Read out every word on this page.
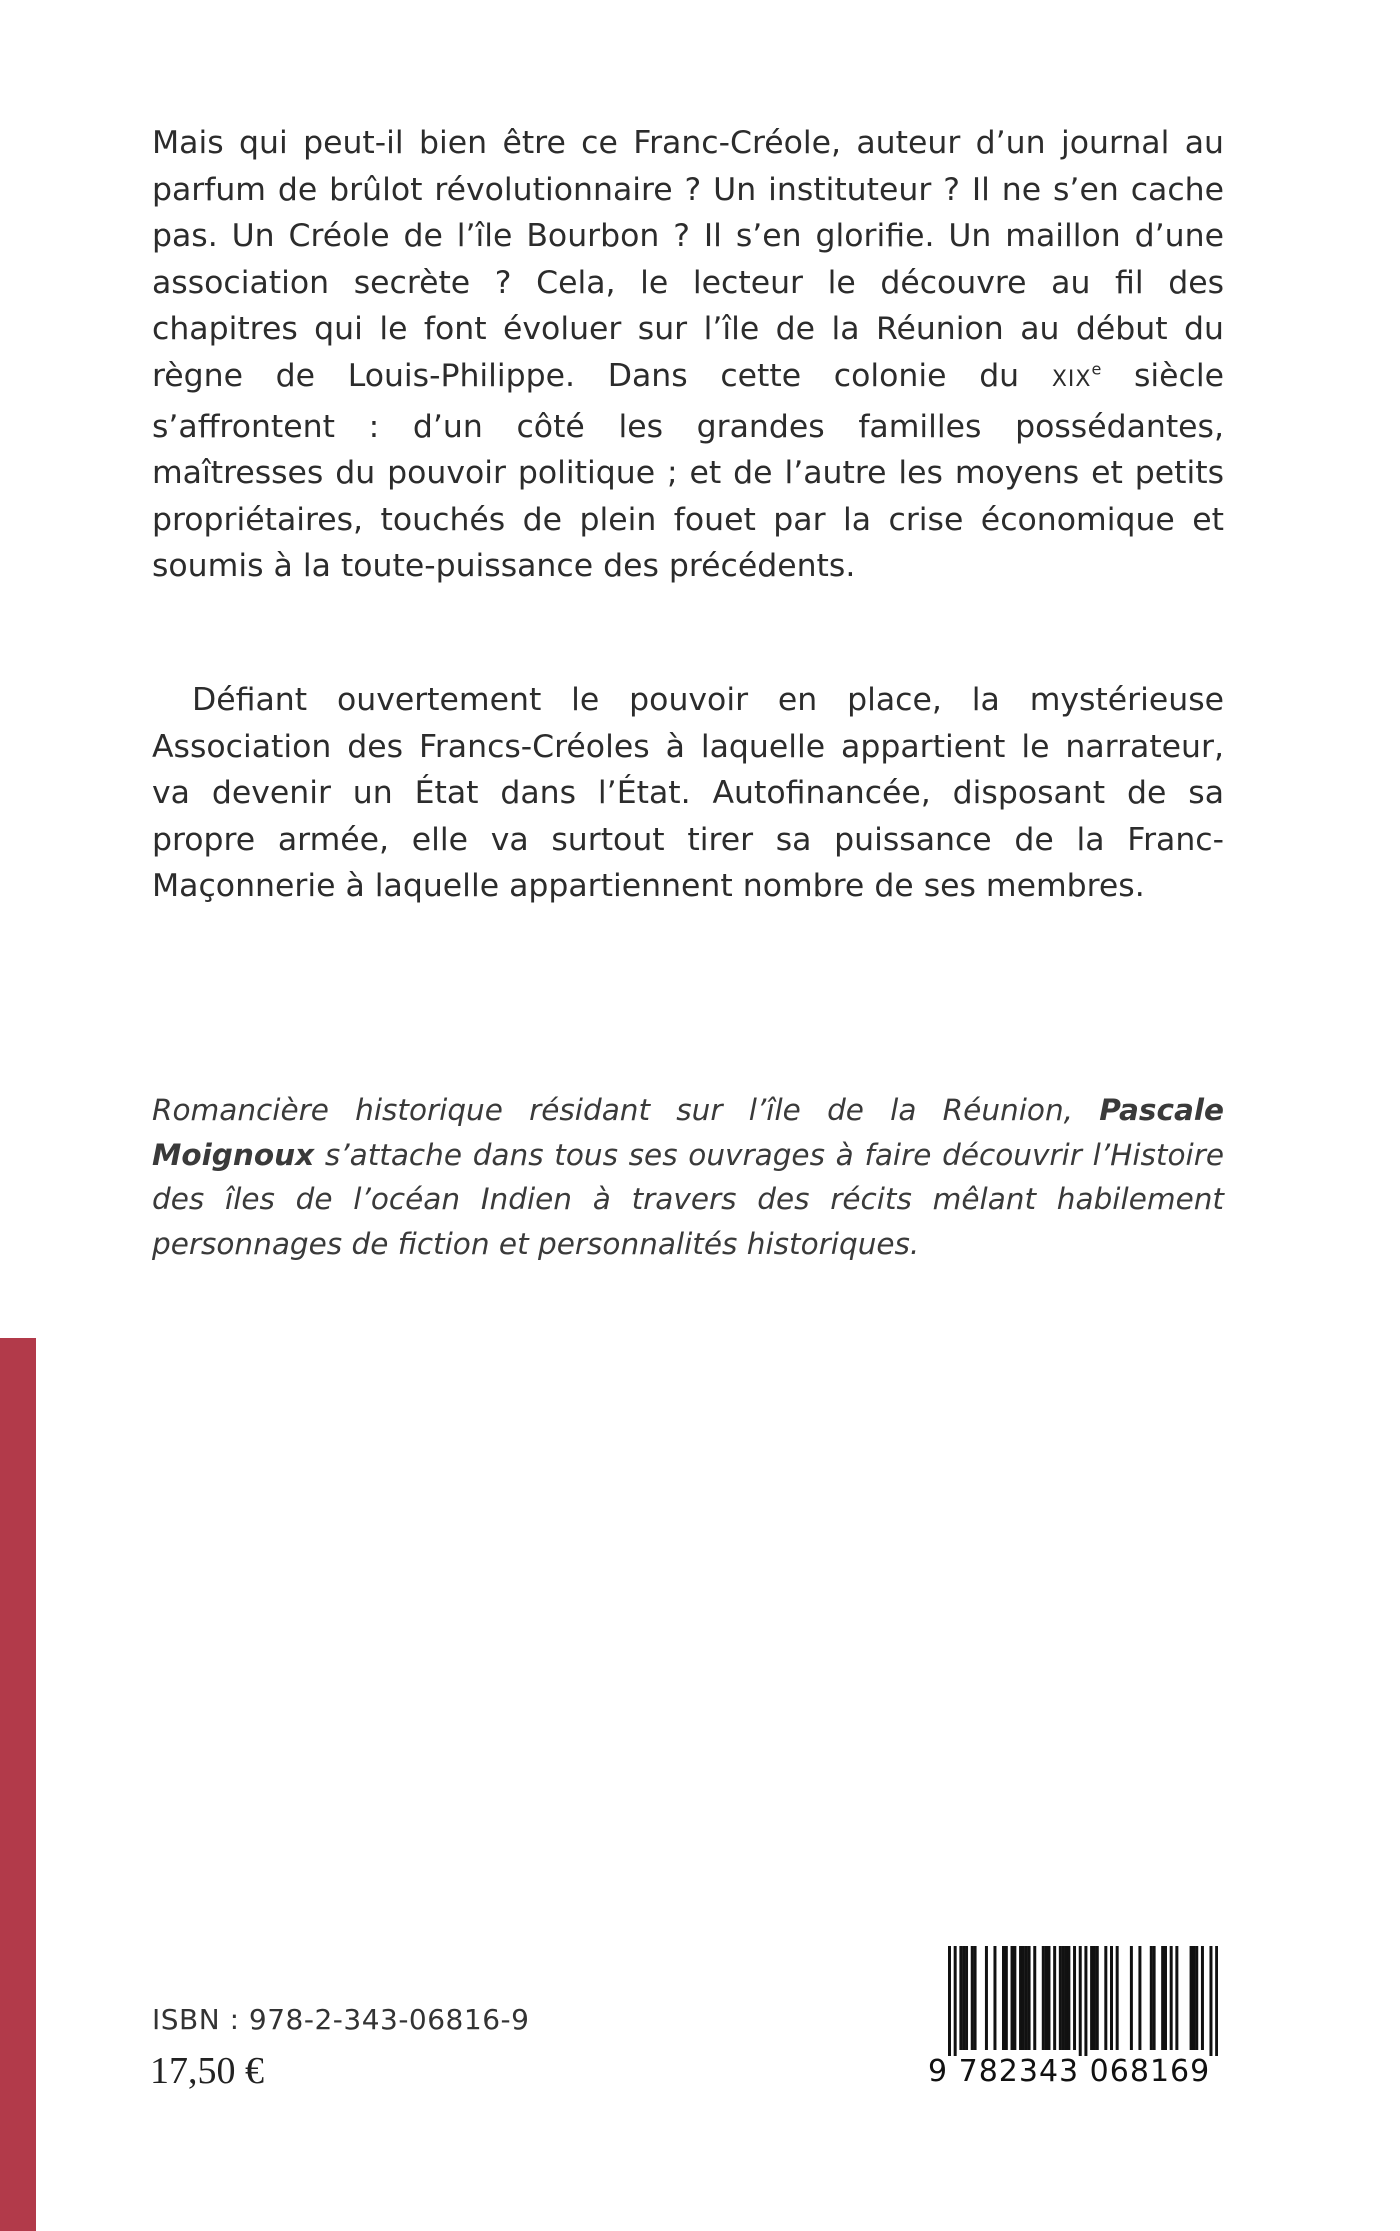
Mais qui peut-il bien être ce Franc-Créole, auteur d’un journal au parfum de brûlot révolutionnaire ? Un instituteur ? Il ne s’en cache pas. Un Créole de l’île Bourbon ? Il s’en glorifie. Un maillon d’une association secrète ? Cela, le lecteur le découvre au fil des chapitres qui le font évoluer sur l’île de la Réunion au début du règne de Louis-Philippe. Dans cette colonie du XIXe siècle s’affrontent : d’un côté les grandes familles possédantes, maîtresses du pouvoir politique ; et de l’autre les moyens et petits propriétaires, touchés de plein fouet par la crise économique et soumis à la toute-puissance des précédents.

Défiant ouvertement le pouvoir en place, la mystérieuse Association des Francs-Créoles à laquelle appartient le narrateur, va devenir un État dans l’État. Autofinancée, disposant de sa propre armée, elle va surtout tirer sa puissance de la Franc-Maçonnerie à laquelle appartiennent nombre de ses membres.

Romancière historique résidant sur l’île de la Réunion, Pascale Moignoux s’attache dans tous ses ouvrages à faire découvrir l’Histoire des îles de l’océan Indien à travers des récits mêlant habilement personnages de fiction et personnalités historiques.
ISBN : 978-2-343-06816-9
17,50 €	9 782343 068169
